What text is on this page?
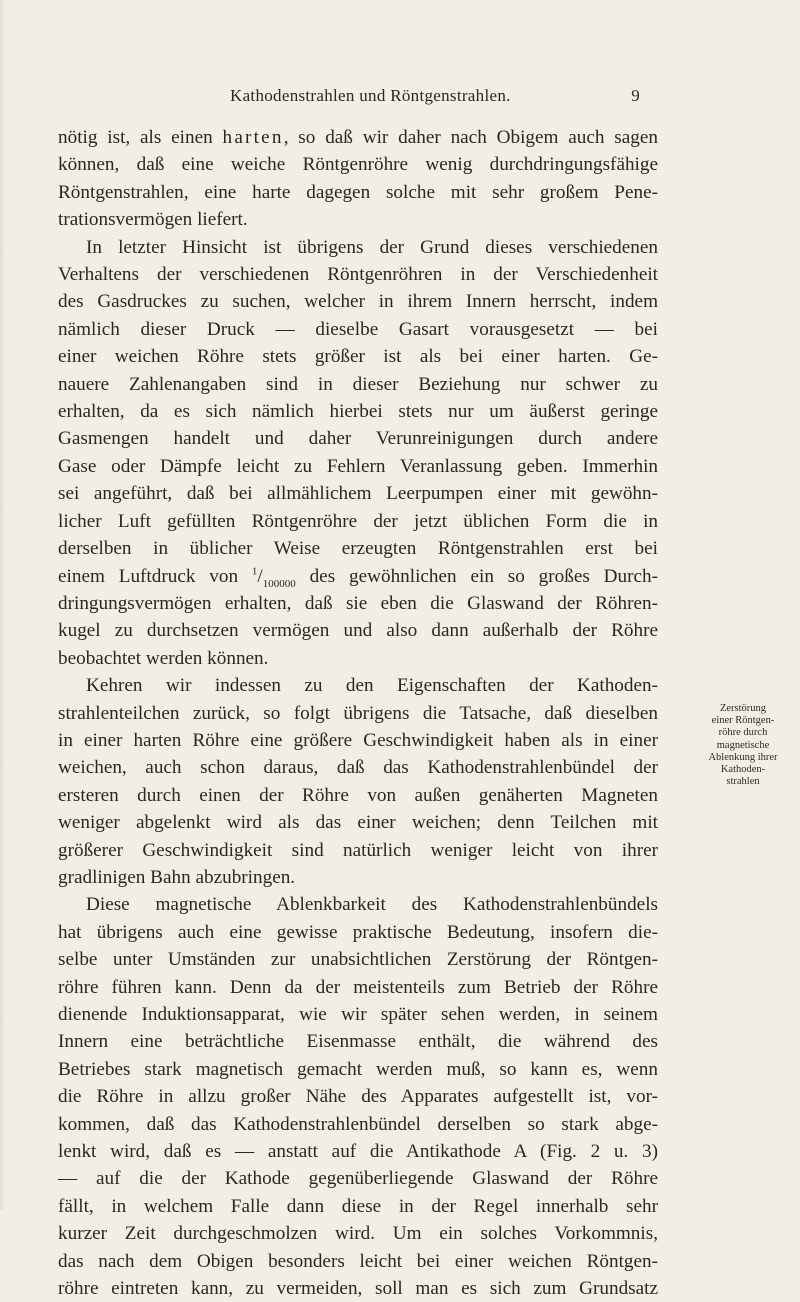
Kathodenstrahlen und Röntgenstrahlen.	9
nötig ist, als einen harten, so daß wir daher nach Obigem auch sagen
können, daß eine weiche Röntgenröhre wenig durchdringungsfähige
Röntgenstrahlen, eine harte dagegen solche mit sehr großem Pene-
trationsvermögen liefert.
In letzter Hinsicht ist übrigens der Grund dieses verschiedenen
Verhaltens der verschiedenen Röntgenröhren in der Verschiedenheit
des Gasdruckes zu suchen, welcher in ihrem Innern herrscht, indem
nämlich dieser Druck — dieselbe Gasart vorausgesetzt — bei
einer weichen Röhre stets größer ist als bei einer harten. Ge-
nauere Zahlenangaben sind in dieser Beziehung nur schwer zu
erhalten, da es sich nämlich hierbei stets nur um äußerst geringe
Gasmengen handelt und daher Verunreinigungen durch andere
Gase oder Dämpfe leicht zu Fehlern Veranlassung geben. Immerhin
sei angeführt, daß bei allmählichem Leerpumpen einer mit gewöhn-
licher Luft gefüllten Röntgenröhre der jetzt üblichen Form die in
derselben in üblicher Weise erzeugten Röntgenstrahlen erst bei
einem Luftdruck von $^1/_{100000}$ des gewöhnlichen ein so großes Durch-
dringungsvermögen erhalten, daß sie eben die Glaswand der Röhren-
kugel zu durchsetzen vermögen und also dann außerhalb der Röhre
beobachtet werden können.
Kehren wir indessen zu den Eigenschaften der Kathoden-
strahlenteilchen zurück, so folgt übrigens die Tatsache, daß dieselben
in einer harten Röhre eine größere Geschwindigkeit haben als in einer
weichen, auch schon daraus, daß das Kathodenstrahlenbündel der
ersteren durch einen der Röhre von außen genäherten Magneten
weniger abgelenkt wird als das einer weichen; denn Teilchen mit
größerer Geschwindigkeit sind natürlich weniger leicht von ihrer
gradlinigen Bahn abzubringen.
Diese magnetische Ablenkbarkeit des Kathodenstrahlenbündels
hat übrigens auch eine gewisse praktische Bedeutung, insofern die-
selbe unter Umständen zur unabsichtlichen Zerstörung der Röntgen-
röhre führen kann. Denn da der meistenteils zum Betrieb der Röhre
dienende Induktionsapparat, wie wir später sehen werden, in seinem
Innern eine beträchtliche Eisenmasse enthält, die während des
Betriebes stark magnetisch gemacht werden muß, so kann es, wenn
die Röhre in allzu großer Nähe des Apparates aufgestellt ist, vor-
kommen, daß das Kathodenstrahlenbündel derselben so stark abge-
lenkt wird, daß es — anstatt auf die Antikathode A (Fig. 2 u. 3)
— auf die der Kathode gegenüberliegende Glaswand der Röhre
fällt, in welchem Falle dann diese in der Regel innerhalb sehr
kurzer Zeit durchgeschmolzen wird. Um ein solches Vorkommnis,
das nach dem Obigen besonders leicht bei einer weichen Röntgen-
röhre eintreten kann, zu vermeiden, soll man es sich zum Grundsatz
Zerstörung
einer Röntgen-
röhre durch
magnetische
Ablenkung ihrer
Kathoden-
strahlen
